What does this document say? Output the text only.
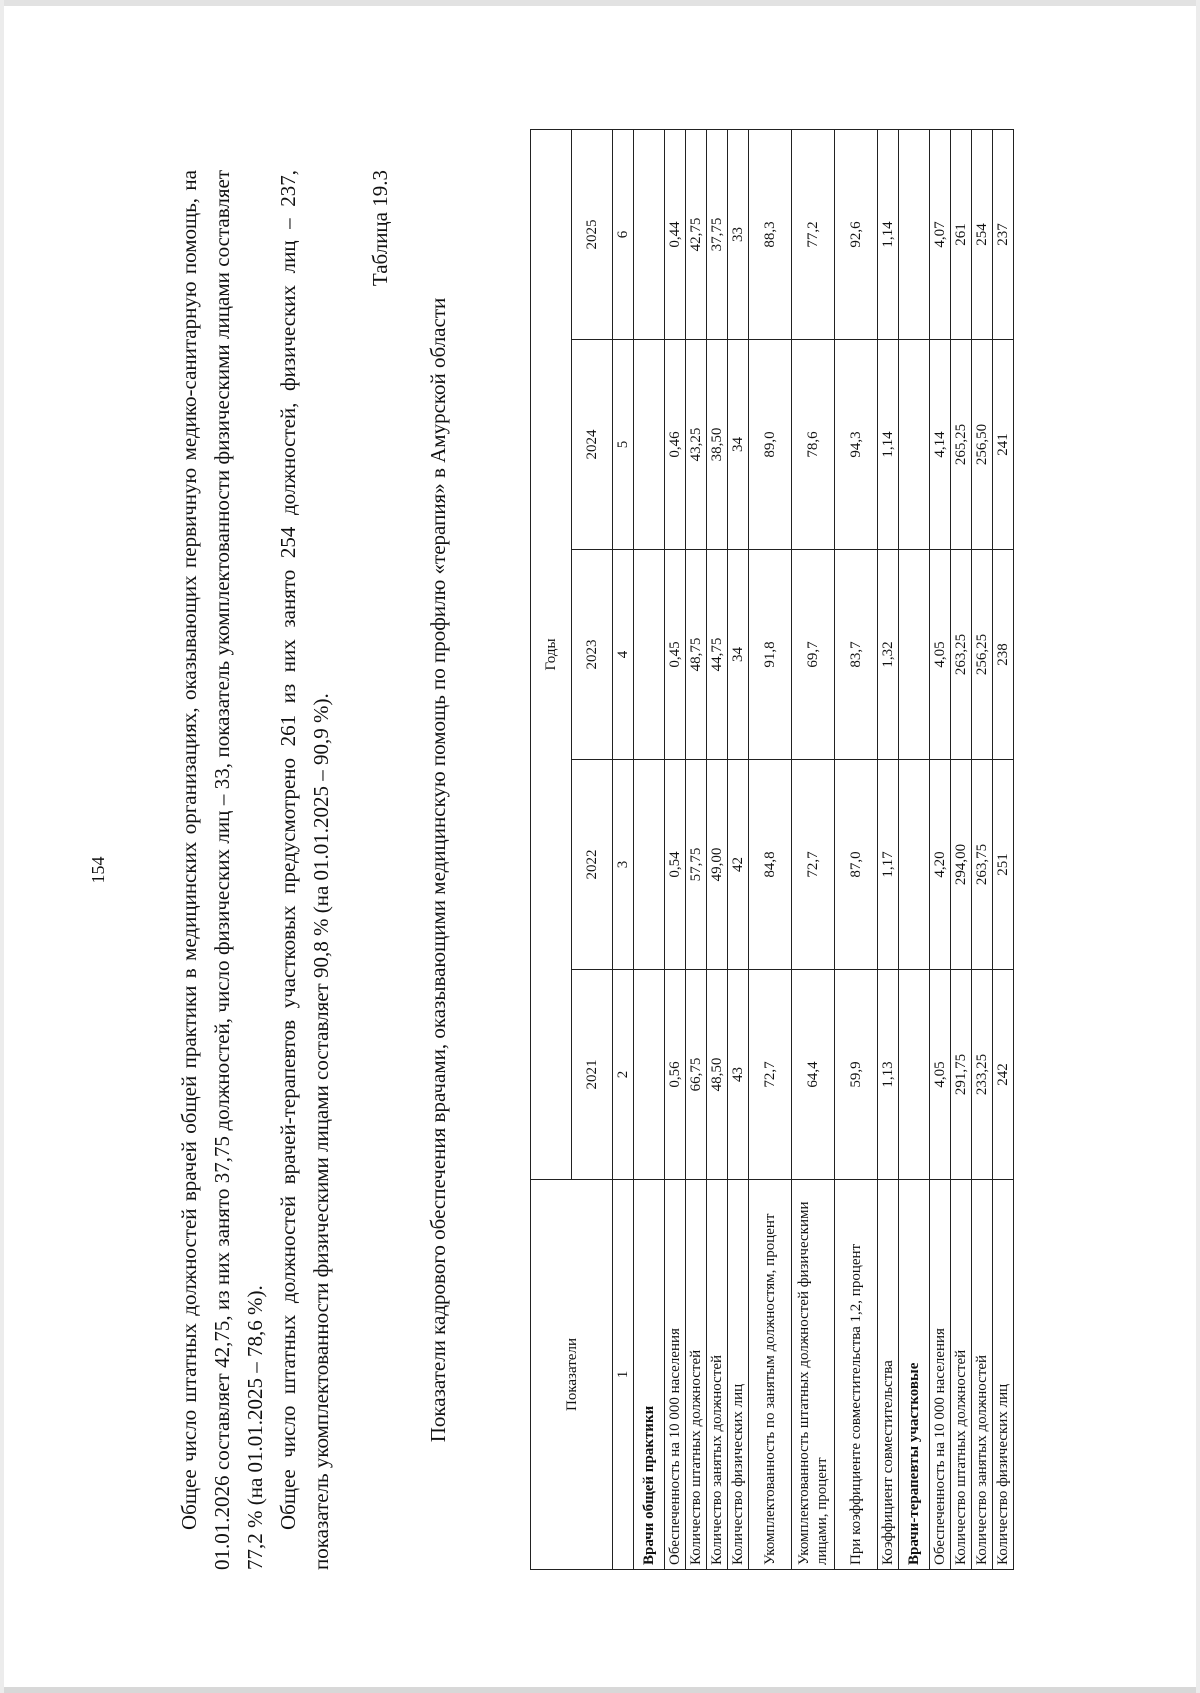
154	Общее число штатных должностей врачей общей практики в медицинских организациях, оказывающих первичную медико-санитарную помощь, на 01.01.2026 составляет 42,75, из них занято 37,75 должностей, число физических лиц – 33, показатель укомплектованности физическими лицами составляет 77,2 % (на 01.01.2025 – 78,6 %). Общее число штатных должностей врачей-терапевтов участковых предусмотрено 261 из них занято 254 должностей, физических лиц – 237, показатель укомплектованности физическими лицами составляет 90,8 % (на 01.01.2025 – 90,9 %).

Таблица 19.3
Показатели кадрового обеспечения врачами, оказывающими медицинскую помощь по профилю «терапия» в Амурской области	Показатели	Годы				
	2021	2022	2023	2024	2025
1	2	3	4	5	6
Врачи общей практики					
Обеспеченность на 10 000 населения	0,56	0,54	0,45	0,46	0,44
Количество штатных должностей	66,75	57,75	48,75	43,25	42,75
Количество занятых должностей	48,50	49,00	44,75	38,50	37,75
Количество физических лиц	43	42	34	34	33
Укомплектованность по занятым должностям, процент	72,7	84,8	91,8	89,0	88,3
Укомплектованность штатных должностей физическими лицами, процент	64,4	72,7	69,7	78,6	77,2
При коэффициенте совместительства 1,2, процент	59,9	87,0	83,7	94,3	92,6
Коэффициент совместительства	1,13	1,17	1,32	1,14	1,14
Врачи-терапевты участковые					
Обеспеченность на 10 000 населения	4,05	4,20	4,05	4,14	4,07
Количество штатных должностей	291,75	294,00	263,25	265,25	261
Количество занятых должностей	233,25	263,75	256,25	256,50	254
Количество физических лиц	242	251	238	241	237
